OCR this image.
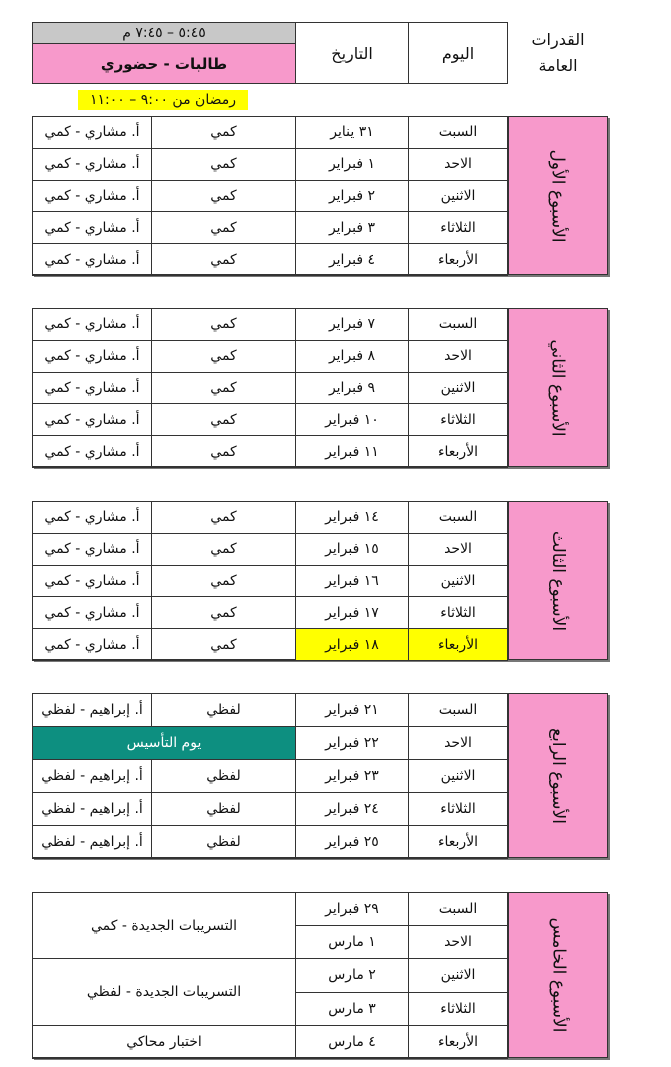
القدرات
العامة
اليوم
التاريخ
٥:٤٥ – ٧:٤٥ م
طالبات - حضوري
رمضان من ٩:٠٠ – ١١:٠٠
الأسبوع الأول
الأسبوع الثاني
الأسبوع الثالث
الأسبوع الرابع
الأسبوع الخامس
السبت
٣١ يناير
كمي
أ. مشاري - كمي
الاحد
١ فبراير
كمي
أ. مشاري - كمي
الاثنين
٢ فبراير
كمي
أ. مشاري - كمي
الثلاثاء
٣ فبراير
كمي
أ. مشاري - كمي
الأربعاء
٤ فبراير
كمي
أ. مشاري - كمي
السبت
٧ فبراير
كمي
أ. مشاري - كمي
الاحد
٨ فبراير
كمي
أ. مشاري - كمي
الاثنين
٩ فبراير
كمي
أ. مشاري - كمي
الثلاثاء
١٠ فبراير
كمي
أ. مشاري - كمي
الأربعاء
١١ فبراير
كمي
أ. مشاري - كمي
السبت
١٤ فبراير
كمي
أ. مشاري - كمي
الاحد
١٥ فبراير
كمي
أ. مشاري - كمي
الاثنين
١٦ فبراير
كمي
أ. مشاري - كمي
الثلاثاء
١٧ فبراير
كمي
أ. مشاري - كمي
الأربعاء
١٨ فبراير
كمي
أ. مشاري - كمي
السبت
٢١ فبراير
لفظي
أ. إبراهيم - لفظي
الاحد
٢٢ فبراير
يوم التأسيس
الاثنين
٢٣ فبراير
لفظي
أ. إبراهيم - لفظي
الثلاثاء
٢٤ فبراير
لفظي
أ. إبراهيم - لفظي
الأربعاء
٢٥ فبراير
لفظي
أ. إبراهيم - لفظي
السبت
٢٩ فبراير
الاحد
١ مارس
الاثنين
٢ مارس
الثلاثاء
٣ مارس
الأربعاء
٤ مارس
التسريبات الجديدة - كمي
التسريبات الجديدة - لفظي
اختبار محاكي
